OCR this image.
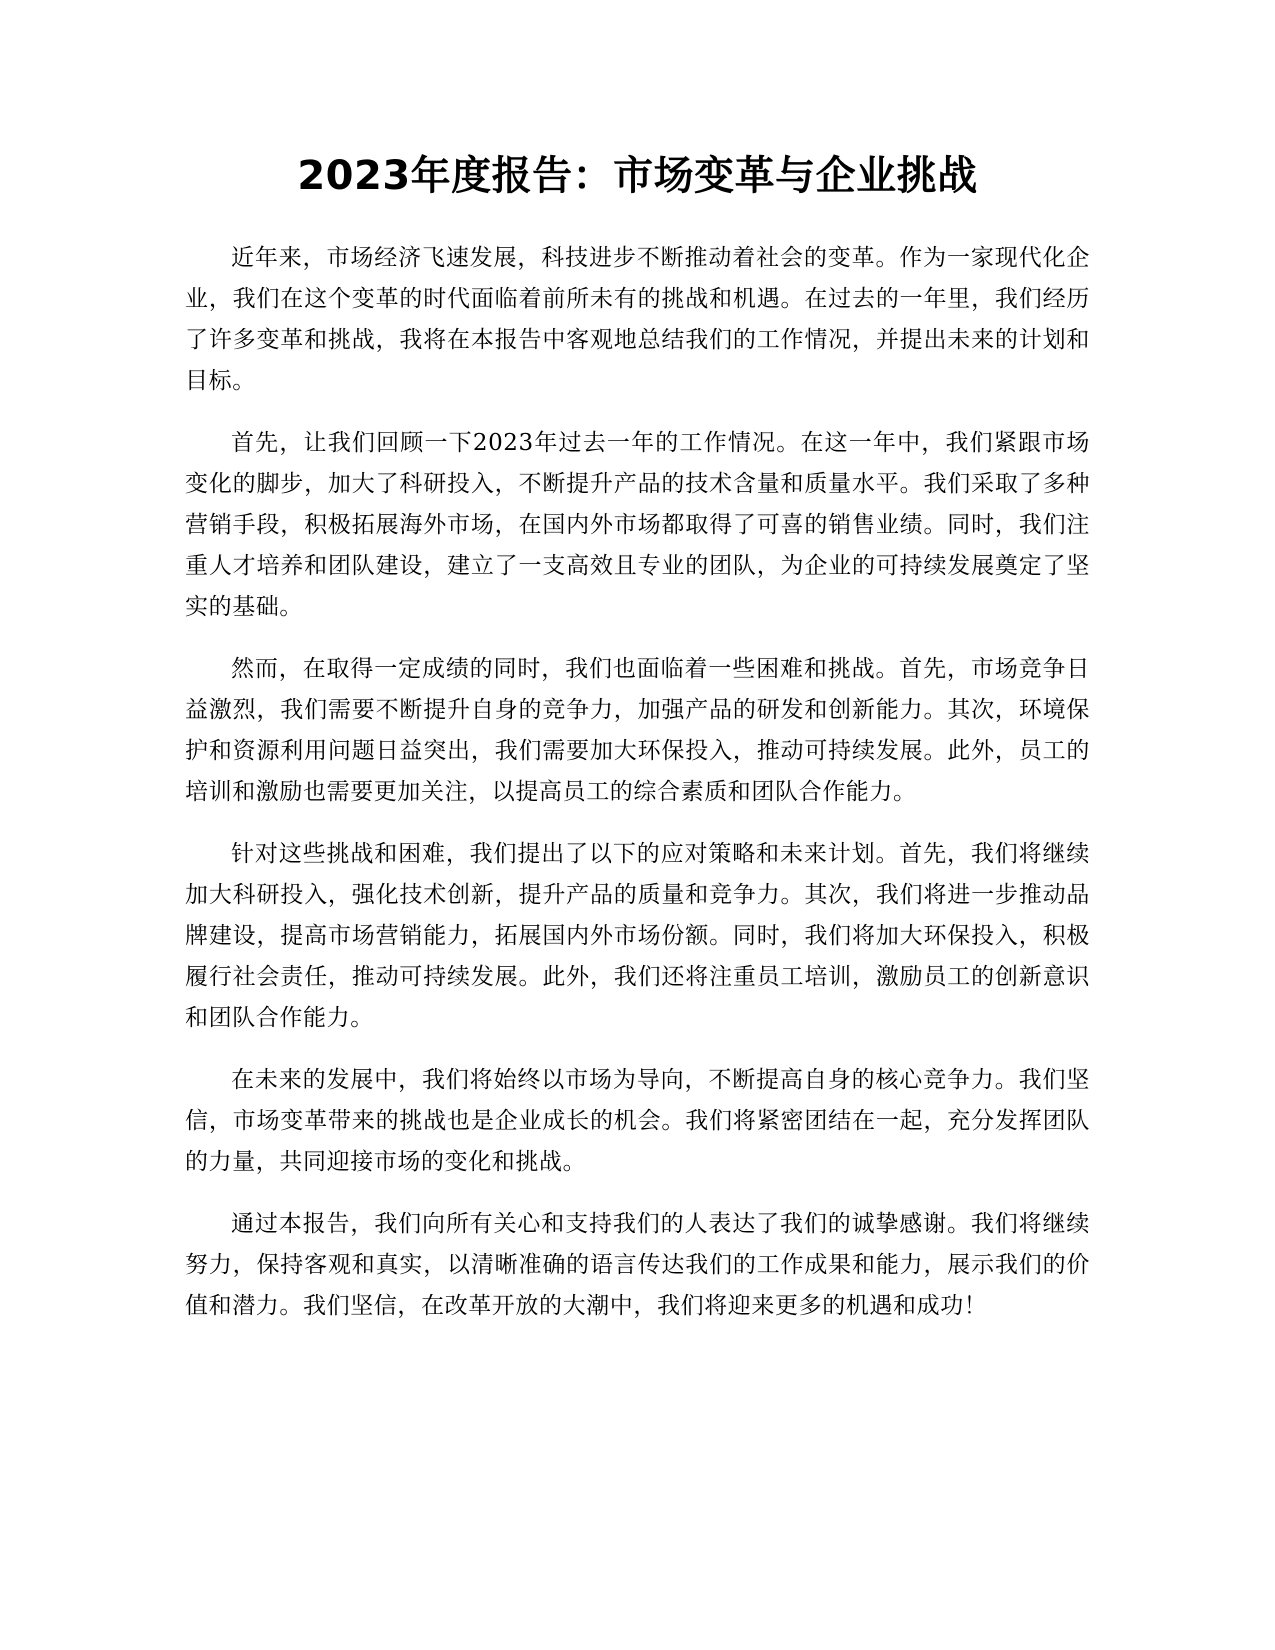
2023年度报告：市场变革与企业挑战

近年来，市场经济飞速发展，科技进步不断推动着社会的变革。作为一家现代化企业，我们在这个变革的时代面临着前所未有的挑战和机遇。在过去的一年里，我们经历了许多变革和挑战，我将在本报告中客观地总结我们的工作情况，并提出未来的计划和目标。

首先，让我们回顾一下2023年过去一年的工作情况。在这一年中，我们紧跟市场变化的脚步，加大了科研投入，不断提升产品的技术含量和质量水平。我们采取了多种营销手段，积极拓展海外市场，在国内外市场都取得了可喜的销售业绩。同时，我们注重人才培养和团队建设，建立了一支高效且专业的团队，为企业的可持续发展奠定了坚实的基础。

然而，在取得一定成绩的同时，我们也面临着一些困难和挑战。首先，市场竞争日益激烈，我们需要不断提升自身的竞争力，加强产品的研发和创新能力。其次，环境保护和资源利用问题日益突出，我们需要加大环保投入，推动可持续发展。此外，员工的培训和激励也需要更加关注，以提高员工的综合素质和团队合作能力。

针对这些挑战和困难，我们提出了以下的应对策略和未来计划。首先，我们将继续加大科研投入，强化技术创新，提升产品的质量和竞争力。其次，我们将进一步推动品牌建设，提高市场营销能力，拓展国内外市场份额。同时，我们将加大环保投入，积极履行社会责任，推动可持续发展。此外，我们还将注重员工培训，激励员工的创新意识和团队合作能力。

在未来的发展中，我们将始终以市场为导向，不断提高自身的核心竞争力。我们坚信，市场变革带来的挑战也是企业成长的机会。我们将紧密团结在一起，充分发挥团队的力量，共同迎接市场的变化和挑战。

通过本报告，我们向所有关心和支持我们的人表达了我们的诚挚感谢。我们将继续努力，保持客观和真实，以清晰准确的语言传达我们的工作成果和能力，展示我们的价值和潜力。我们坚信，在改革开放的大潮中，我们将迎来更多的机遇和成功！
